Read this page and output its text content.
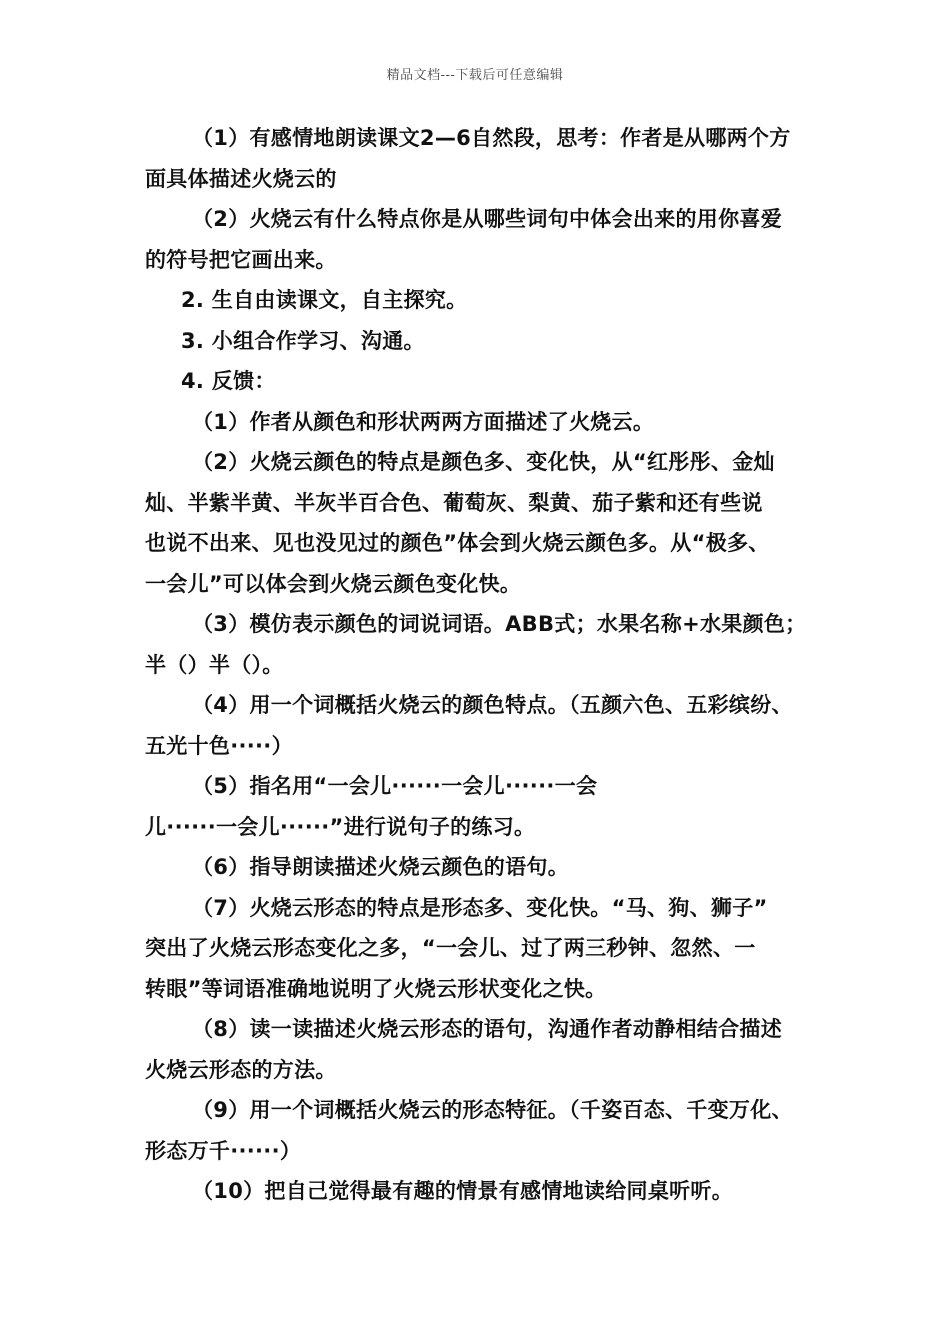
精品文档---下载后可任意编辑
（1）有感情地朗读课文2—6自然段，思考：作者是从哪两个方
面具体描述火烧云的
（2）火烧云有什么特点你是从哪些词句中体会出来的用你喜爱
的符号把它画出来。
2. 生自由读课文，自主探究。
3. 小组合作学习、沟通。
4. 反馈：
（1）作者从颜色和形状两两方面描述了火烧云。
（2）火烧云颜色的特点是颜色多、变化快，从“红彤彤、金灿
灿、半紫半黄、半灰半百合色、葡萄灰、梨黄、茄子紫和还有些说
也说不出来、见也没见过的颜色”体会到火烧云颜色多。从“极多、
一会儿”可以体会到火烧云颜色变化快。
（3）模仿表示颜色的词说词语。ABB式；水果名称+水果颜色；
半（）半（）。
（4）用一个词概括火烧云的颜色特点。（五颜六色、五彩缤纷、
五光十色·····）
（5）指名用“一会儿······一会儿······一会
儿······一会儿······”进行说句子的练习。
（6）指导朗读描述火烧云颜色的语句。
（7）火烧云形态的特点是形态多、变化快。“马、狗、狮子”
突出了火烧云形态变化之多，“一会儿、过了两三秒钟、忽然、一
转眼”等词语准确地说明了火烧云形状变化之快。
（8）读一读描述火烧云形态的语句，沟通作者动静相结合描述
火烧云形态的方法。
（9）用一个词概括火烧云的形态特征。（千姿百态、千变万化、
形态万千······）
（10）把自己觉得最有趣的情景有感情地读给同桌听听。
